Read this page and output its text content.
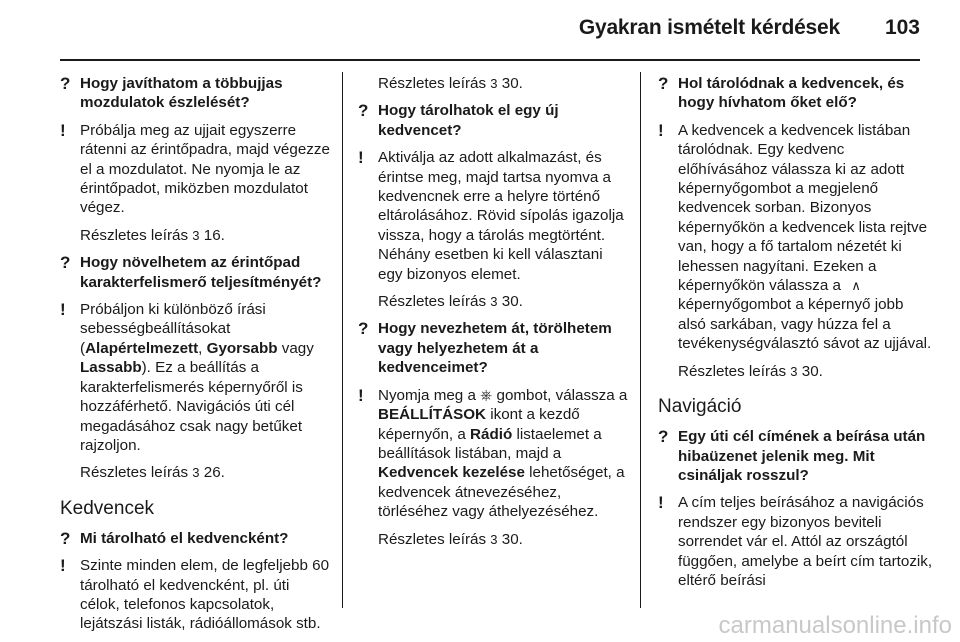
Gyakran ismételt kérdések 103
? Hogy javíthatom a többujjas mozdulatok észlelését?
! Próbálja meg az ujjait egyszerre rátenni az érintőpadra, majd végezze el a mozdulatot. Ne nyomja le az érintőpadot, miközben mozdulatot végez.
Részletes leírás 3 16.
? Hogy növelhetem az érintőpad karakterfelismerő teljesítményét?
! Próbáljon ki különböző írási sebességbeállításokat (Alapértelmezett, Gyorsabb vagy Lassabb). Ez a beállítás a karakterfelismerés képernyőről is hozzáférhető. Navigációs úti cél megadásához csak nagy betűket rajzoljon.
Részletes leírás 3 26.
Kedvencek
? Mi tárolható el kedvencként?
! Szinte minden elem, de legfeljebb 60 tárolható el kedvencként, pl. úti célok, telefonos kapcsolatok, lejátszási listák, rádióállomások stb.
Részletes leírás 3 30.
? Hogy tárolhatok el egy új kedvencet?
! Aktiválja az adott alkalmazást, és érintse meg, majd tartsa nyomva a kedvencnek erre a helyre történő eltárolásához. Rövid sípolás igazolja vissza, hogy a tárolás megtörtént. Néhány esetben ki kell választani egy bizonyos elemet.
Részletes leírás 3 30.
? Hogy nevezhetem át, törölhetem vagy helyezhetem át a kedvenceimet?
! Nyomja meg a ⎈ gombot, válassza a BEÁLLÍTÁSOK ikont a kezdő képernyőn, a Rádió listaelemet a beállítások listában, majd a Kedvencek kezelése lehetőséget, a kedvencek átnevezéséhez, törléséhez vagy áthelyezéséhez.
Részletes leírás 3 30.
? Hol tárolódnak a kedvencek, és hogy hívhatom őket elő?
! A kedvencek a kedvencek listában tárolódnak. Egy kedvenc előhívásához válassza ki az adott képernyőgombot a megjelenő kedvencek sorban. Bizonyos képernyőkön a kedvencek lista rejtve van, hogy a fő tartalom nézetét ki lehessen nagyítani. Ezeken a képernyőkön válassza a ∧ képernyőgombot a képernyő jobb alsó sarkában, vagy húzza fel a tevékenységválasztó sávot az ujjával.
Részletes leírás 3 30.
Navigáció
? Egy úti cél címének a beírása után hibaüzenet jelenik meg. Mit csináljak rosszul?
! A cím teljes beírásához a navigációs rendszer egy bizonyos beviteli sorrendet vár el. Attól az országtól függően, amelybe a beírt cím tartozik, eltérő beírási
carmanualsonline.info
